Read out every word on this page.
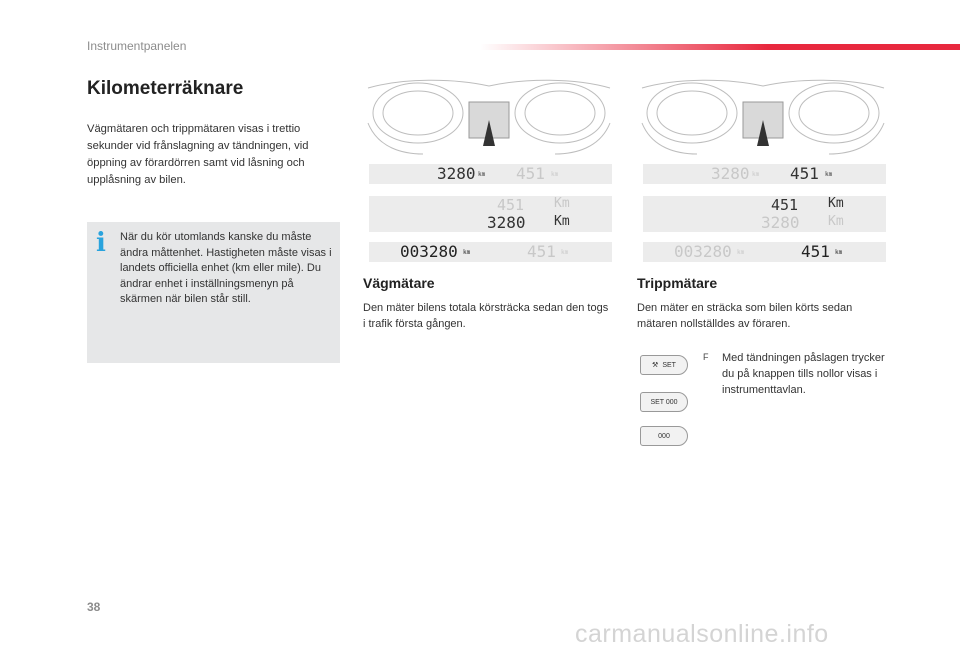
Instrumentpanelen
Kilometerräknare
Vägmätaren och trippmätaren visas i trettio sekunder vid frånslagning av tändningen, vid öppning av förardörren samt vid låsning och upplåsning av bilen.
i När du kör utomlands kanske du måste ändra måttenhet. Hastigheten måste visas i landets officiella enhet (km eller mile). Du ändrar enhet i inställningsmenyn på skärmen när bilen står still.
3280 km 451 km
451 Km
3280 Km
003280 km	451 km
3280 km 451 km
451 Km
3280 Km
003280 km	451 km
Vägmätare
Den mäter bilens totala körsträcka sedan den togs i trafik första gången.
Trippmätare
Den mäter en sträcka som bilen körts sedan mätaren nollställdes av föraren.
⚒ SET
SET 000
000
F Med tändningen påslagen trycker du på knappen tills nollor visas i instrumenttavlan.
38
carmanualsonline.info
